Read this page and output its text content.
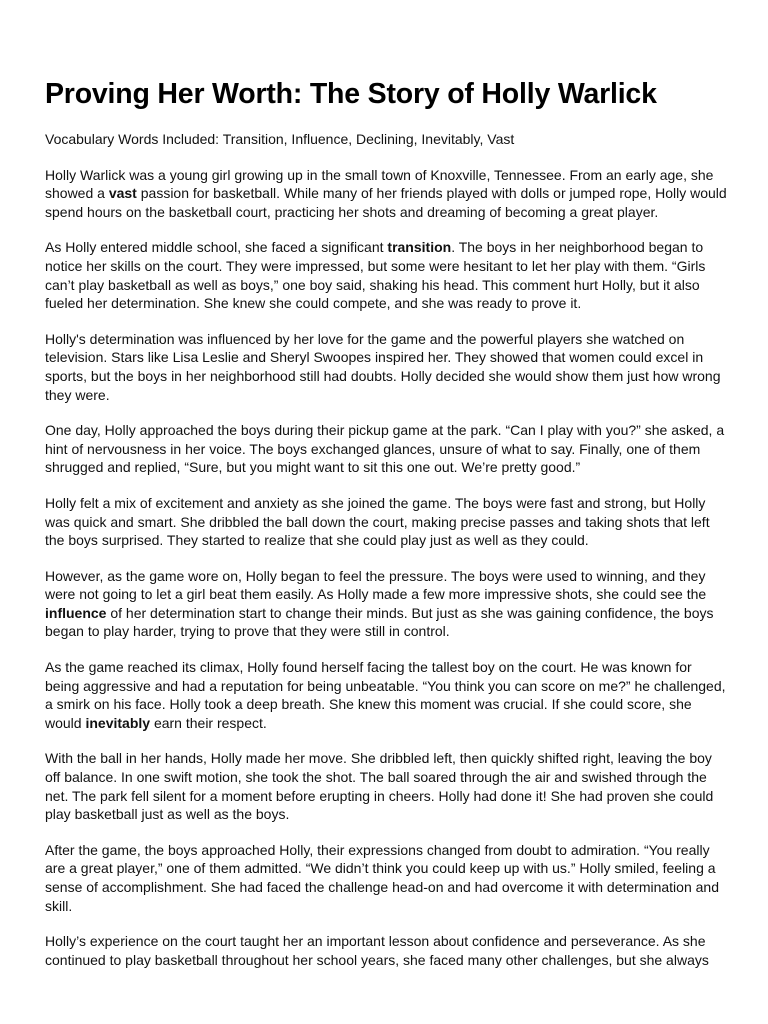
Proving Her Worth: The Story of Holly Warlick
Vocabulary Words Included: Transition, Influence, Declining, Inevitably, Vast

Holly Warlick was a young girl growing up in the small town of Knoxville, Tennessee. From an early age, she showed a vast passion for basketball. While many of her friends played with dolls or jumped rope, Holly would spend hours on the basketball court, practicing her shots and dreaming of becoming a great player.

As Holly entered middle school, she faced a significant transition. The boys in her neighborhood began to notice her skills on the court. They were impressed, but some were hesitant to let her play with them. “Girls can’t play basketball as well as boys,” one boy said, shaking his head. This comment hurt Holly, but it also fueled her determination. She knew she could compete, and she was ready to prove it.

Holly's determination was influenced by her love for the game and the powerful players she watched on television. Stars like Lisa Leslie and Sheryl Swoopes inspired her. They showed that women could excel in sports, but the boys in her neighborhood still had doubts. Holly decided she would show them just how wrong they were.

One day, Holly approached the boys during their pickup game at the park. “Can I play with you?” she asked, a hint of nervousness in her voice. The boys exchanged glances, unsure of what to say. Finally, one of them shrugged and replied, “Sure, but you might want to sit this one out. We’re pretty good.”

Holly felt a mix of excitement and anxiety as she joined the game. The boys were fast and strong, but Holly was quick and smart. She dribbled the ball down the court, making precise passes and taking shots that left the boys surprised. They started to realize that she could play just as well as they could.

However, as the game wore on, Holly began to feel the pressure. The boys were used to winning, and they were not going to let a girl beat them easily. As Holly made a few more impressive shots, she could see the influence of her determination start to change their minds. But just as she was gaining confidence, the boys began to play harder, trying to prove that they were still in control.

As the game reached its climax, Holly found herself facing the tallest boy on the court. He was known for being aggressive and had a reputation for being unbeatable. “You think you can score on me?” he challenged, a smirk on his face. Holly took a deep breath. She knew this moment was crucial. If she could score, she would inevitably earn their respect.

With the ball in her hands, Holly made her move. She dribbled left, then quickly shifted right, leaving the boy off balance. In one swift motion, she took the shot. The ball soared through the air and swished through the net. The park fell silent for a moment before erupting in cheers. Holly had done it! She had proven she could play basketball just as well as the boys.

After the game, the boys approached Holly, their expressions changed from doubt to admiration. “You really are a great player,” one of them admitted. “We didn’t think you could keep up with us.” Holly smiled, feeling a sense of accomplishment. She had faced the challenge head-on and had overcome it with determination and skill.

Holly’s experience on the court taught her an important lesson about confidence and perseverance. As she continued to play basketball throughout her school years, she faced many other challenges, but she always
